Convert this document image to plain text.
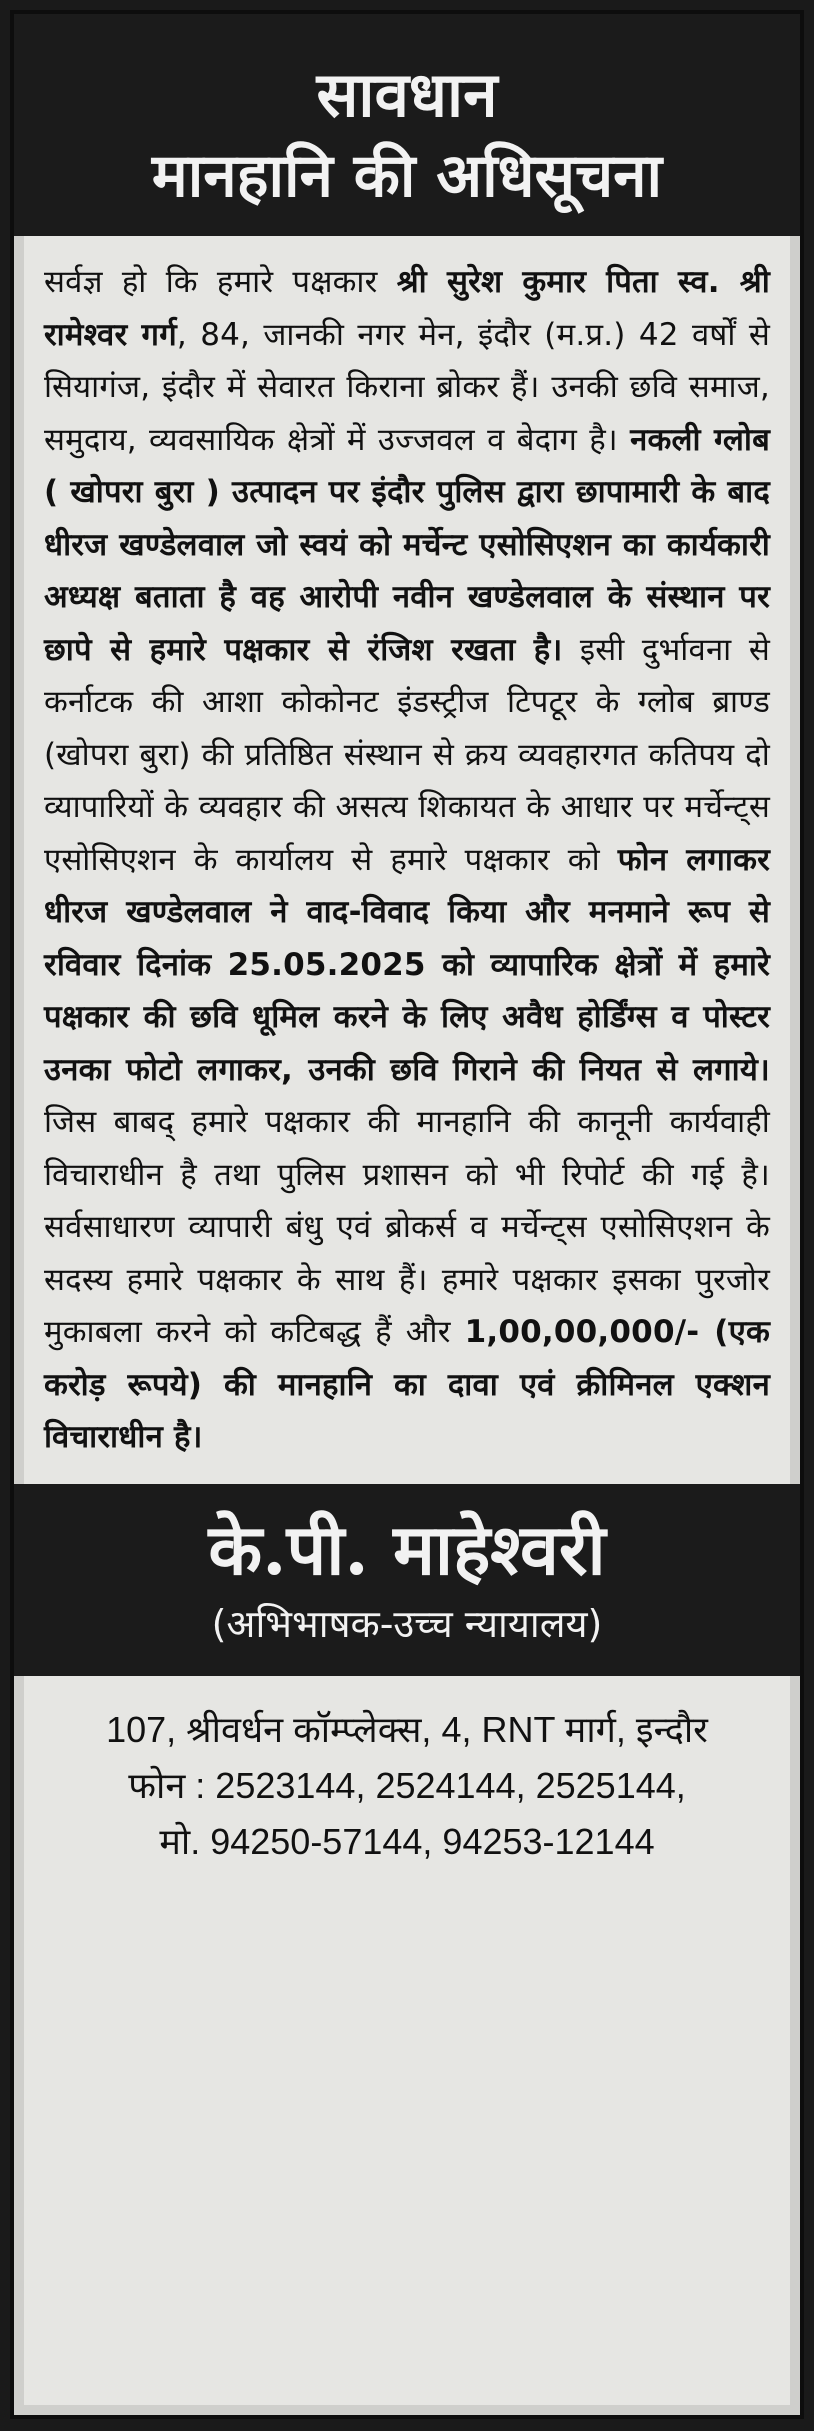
सावधान
मानहानि की अधिसूचना
सर्वज्ञ हो कि हमारे पक्षकार श्री सुरेश कुमार पिता स्व. श्री रामेश्वर गर्ग, 84, जानकी नगर मेन, इंदौर (म.प्र.) 42 वर्षों से सियागंज, इंदौर में सेवारत किराना ब्रोकर हैं। उनकी छवि समाज, समुदाय, व्यवसायिक क्षेत्रों में उज्जवल व बेदाग है। नकली ग्लोब ( खोपरा बुरा ) उत्पादन पर इंदौर पुलिस द्वारा छापामारी के बाद धीरज खण्डेलवाल जो स्वयं को मर्चेन्ट एसोसिएशन का कार्यकारी अध्यक्ष बताता है वह आरोपी नवीन खण्डेलवाल के संस्थान पर छापे से हमारे पक्षकार से रंजिश रखता है। इसी दुर्भावना से कर्नाटक की आशा कोकोनट इंडस्ट्रीज टिपटूर के ग्लोब ब्राण्ड (खोपरा बुरा) की प्रतिष्ठित संस्थान से क्रय व्यवहारगत कतिपय दो व्यापारियों के व्यवहार की असत्य शिकायत के आधार पर मर्चेन्ट्स एसोसिएशन के कार्यालय से हमारे पक्षकार को फोन लगाकर धीरज खण्डेलवाल ने वाद-विवाद किया और मनमाने रूप से रविवार दिनांक 25.05.2025 को व्यापारिक क्षेत्रों में हमारे पक्षकार की छवि धूमिल करने के लिए अवैध होर्डिंग्स व पोस्टर उनका फोटो लगाकर, उनकी छवि गिराने की नियत से लगाये। जिस बाबद् हमारे पक्षकार की मानहानि की कानूनी कार्यवाही विचाराधीन है तथा पुलिस प्रशासन को भी रिपोर्ट की गई है। सर्वसाधारण व्यापारी बंधु एवं ब्रोकर्स व मर्चेन्ट्स एसोसिएशन के सदस्य हमारे पक्षकार के साथ हैं। हमारे पक्षकार इसका पुरजोर मुकाबला करने को कटिबद्ध हैं और 1,00,00,000/- (एक करोड़ रूपये) की मानहानि का दावा एवं क्रीमिनल एक्शन विचाराधीन है।
के.पी. माहेश्वरी
(अभिभाषक-उच्च न्यायालय)
107, श्रीवर्धन कॉम्प्लेक्स, 4, RNT मार्ग, इन्दौर
फोन : 2523144, 2524144, 2525144,
मो. 94250-57144, 94253-12144
